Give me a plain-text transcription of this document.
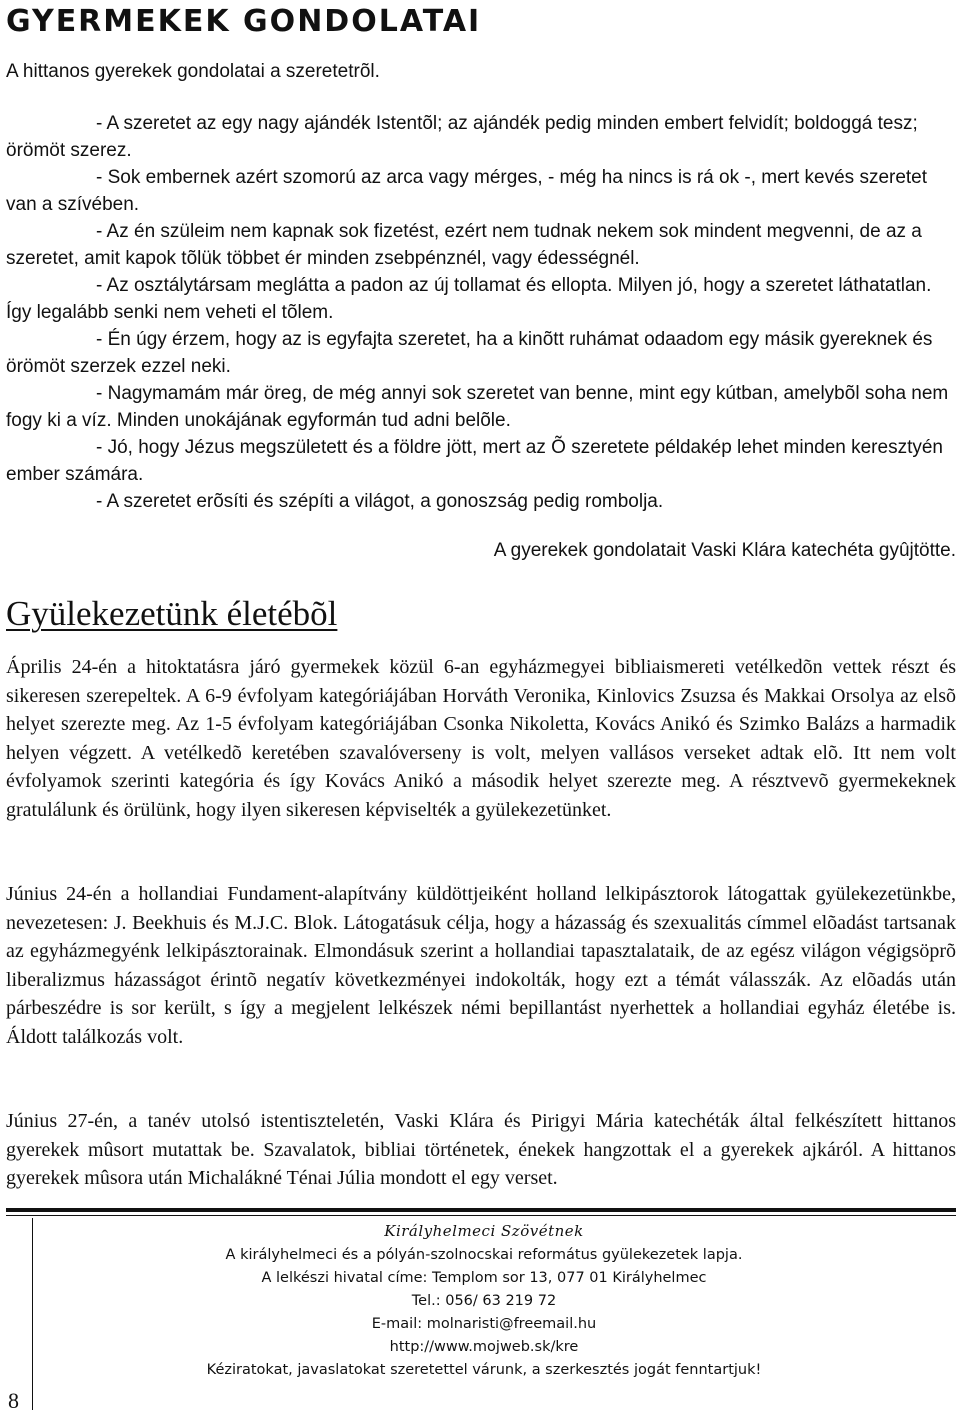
GYERMEKEK GONDOLATAI

A hittanos gyerekek gondolatai a szeretetrõl.

- A szeretet az egy nagy ajándék Istentõl; az ajándék pedig minden embert felvidít; boldoggá tesz; örömöt szerez.

- Sok embernek azért szomorú az arca vagy mérges, - még ha nincs is rá ok -, mert kevés szeretet van a szívében.

- Az én szüleim nem kapnak sok fizetést, ezért nem tudnak nekem sok mindent megvenni, de az a szeretet, amit kapok tõlük többet ér minden zsebpénznél, vagy édességnél.

- Az osztálytársam meglátta a padon az új tollamat és ellopta. Milyen jó, hogy a szeretet láthatatlan. Így legalább senki nem veheti el tõlem.

- Én úgy érzem, hogy az is egyfajta szeretet, ha a kinõtt ruhámat odaadom egy másik gyereknek és örömöt szerzek ezzel neki.

- Nagymamám már öreg, de még annyi sok szeretet van benne, mint egy kútban, amelybõl soha nem fogy ki a víz. Minden unokájának egyformán tud adni belõle.

- Jó, hogy Jézus megszületett és a földre jött, mert az Õ szeretete példakép lehet minden keresztyén ember számára.

- A szeretet erõsíti és szépíti a világot, a gonoszság pedig rombolja.

A gyerekek gondolatait Vaski Klára katechéta gyûjtötte.
Gyülekezetünk életébõl

Április 24-én a hitoktatásra járó gyermekek közül 6-an egyházmegyei bibliaismereti vetélkedõn vettek részt és sikeresen szerepeltek. A 6-9 évfolyam kategóriájában Horváth Veronika, Kinlovics Zsuzsa és Makkai Orsolya az elsõ helyet szerezte meg. Az 1-5 évfolyam kategóriájában Csonka Nikoletta, Kovács Anikó és Szimko Balázs a harmadik helyen végzett. A vetélkedõ keretében szavalóverseny is volt, melyen vallásos verseket adtak elõ. Itt nem volt évfolyamok szerinti kategória és így Kovács Anikó a második helyet szerezte meg. A résztvevõ gyermekeknek gratulálunk és örülünk, hogy ilyen sikeresen képviselték a gyülekezetünket.

Június 24-én a hollandiai Fundament-alapítvány küldöttjeiként holland lelkipásztorok látogattak gyülekezetünkbe, nevezetesen: J. Beekhuis és M.J.C. Blok. Látogatásuk célja, hogy a házasság és szexualitás címmel elõadást tartsanak az egyházmegyénk lelkipásztorainak. Elmondásuk szerint a hollandiai tapasztalataik, de az egész világon végigsöprõ liberalizmus házasságot érintõ negatív következményei indokolták, hogy ezt a témát válasszák. Az elõadás után párbeszédre is sor került, s így a megjelent lelkészek némi bepillantást nyerhettek a hollandiai egyház életébe is. Áldott találkozás volt.

Június 27-én, a tanév utolsó istentiszteletén, Vaski Klára és Pirigyi Mária katechéták által felkészített hittanos gyerekek mûsort mutattak be. Szavalatok, bibliai történetek, énekek hangzottak el a gyerekek ajkáról. A hittanos gyerekek mûsora után Michalákné Ténai Júlia mondott el egy verset.

8
Királyhelmeci Szövétnek
A királyhelmeci és a pólyán-szolnocskai református gyülekezetek lapja.
A lelkészi hivatal címe: Templom sor 13, 077 01 Királyhelmec
Tel.: 056/ 63 219 72
E-mail: molnaristi@freemail.hu
http://www.mojweb.sk/kre
Kéziratokat, javaslatokat szeretettel várunk, a szerkesztés jogát fenntartjuk!
